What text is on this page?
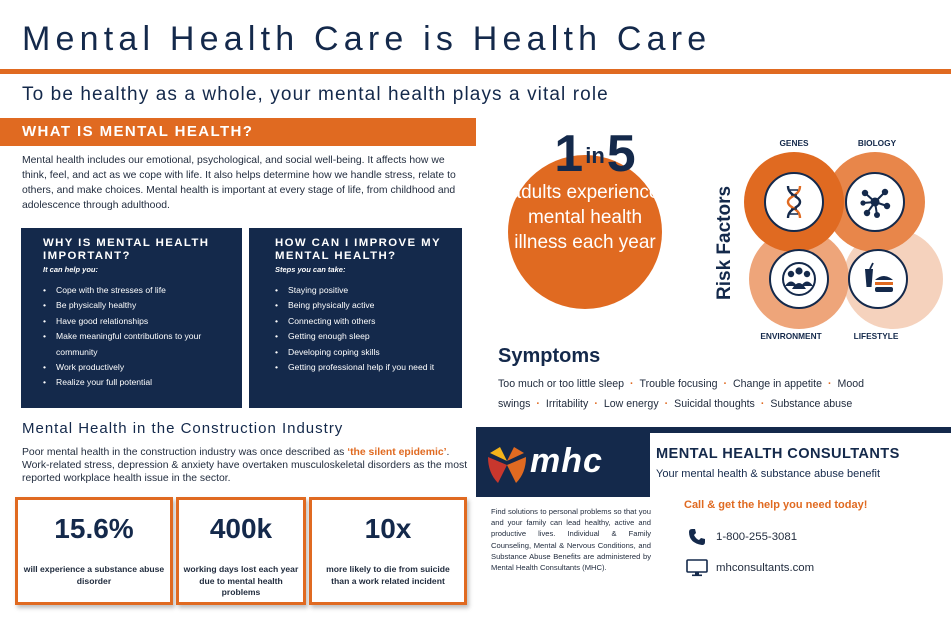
Mental Health Care is Health Care
To be healthy as a whole, your mental health plays a vital role
WHAT IS MENTAL HEALTH?

Mental health includes our emotional, psychological, and social well-being. It affects how we think, feel, and act as we cope with life. It also helps determine how we handle stress, relate to others, and make choices. Mental health is important at every stage of life, from childhood and adolescence through adulthood.

WHY IS MENTAL HEALTH IMPORTANT?
It can help you:
• Cope with the stresses of life
• Be physically healthy
• Have good relationships
• Make meaningful contributions to your community
• Work productively
• Realize your full potential
HOW CAN I IMPROVE MY MENTAL HEALTH?
Steps you can take:
• Staying positive
• Being physically active
• Connecting with others
• Getting enough sleep
• Developing coping skills
• Getting professional help if you need it
Mental Health in the Construction Industry

Poor mental health in the construction industry was once described as ‘the silent epidemic’. Work-related stress, depression & anxiety have overtaken musculoskeletal disorders as the most reported workplace health issue in the sector.

15.6%
will experience a substance abuse disorder
400k
working days lost each year due to mental health problems
10x
more likely to die from suicide than a work related incident
1in5
adults experience mental health illness each year	Risk Factors
GENES	BIOLOGY
ENVIRONMENT	LIFESTYLE
Symptoms
Too much or too little sleep · Trouble focusing · Change in appetite · Mood swings · Irritability · Low energy · Suicidal thoughts · Substance abuse
mhc	MENTAL HEALTH CONSULTANTS
Your mental health & substance abuse benefit

Find solutions to personal problems so that you and your family can lead healthy, active and productive lives. Individual & Family Counseling, Mental & Nervous Conditions, and Substance Abuse Benefits are administered by Mental Health Consultants (MHC).

Call & get the help you need today!
1-800-255-3081
mhconsultants.com
